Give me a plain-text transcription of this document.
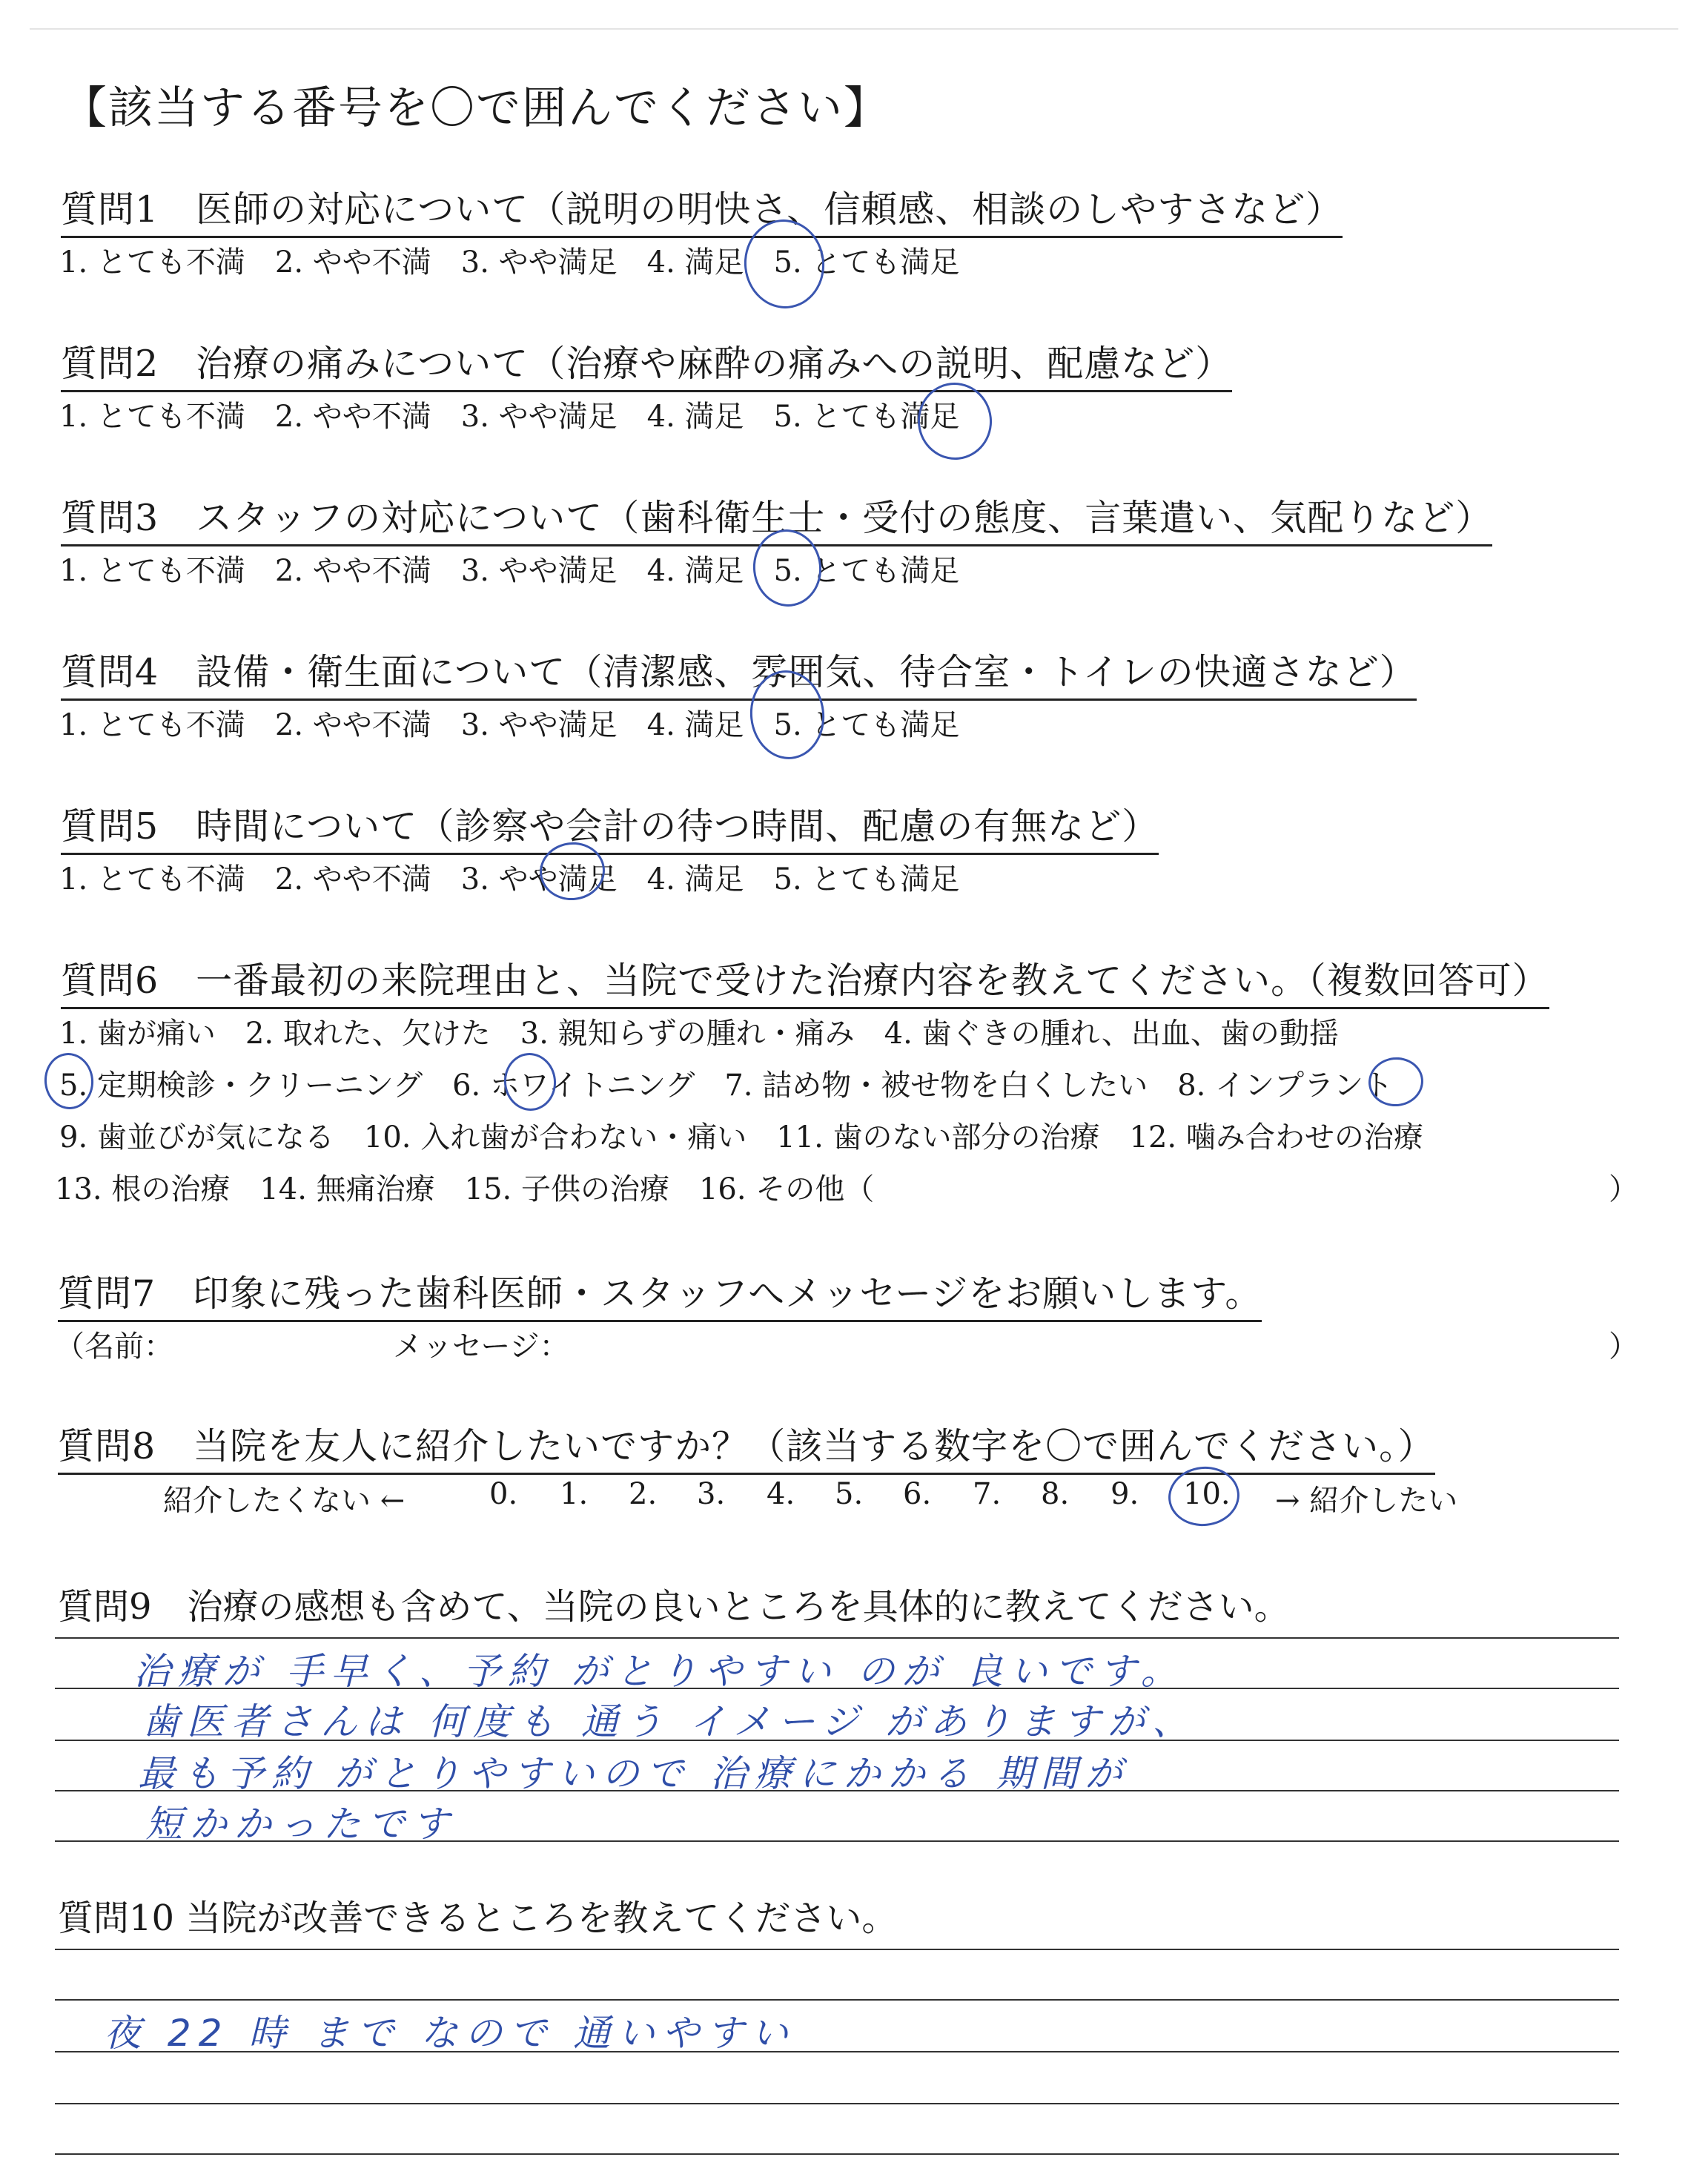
【該当する番号を〇で囲んでください】
質問1　医師の対応について（説明の明快さ、信頼感、相談のしやすさなど）
1. とても不満　2. やや不満　3. やや満足　4. 満足　5. とても満足
質問2　治療の痛みについて（治療や麻酔の痛みへの説明、配慮など）
1. とても不満　2. やや不満　3. やや満足　4. 満足　5. とても満足
質問3　スタッフの対応について（歯科衛生士・受付の態度、言葉遣い、気配りなど）
1. とても不満　2. やや不満　3. やや満足　4. 満足　5. とても満足
質問4　設備・衛生面について（清潔感、雰囲気、待合室・トイレの快適さなど）
1. とても不満　2. やや不満　3. やや満足　4. 満足　5. とても満足
質問5　時間について（診察や会計の待つ時間、配慮の有無など）
1. とても不満　2. やや不満　3. やや満足　4. 満足　5. とても満足
質問6　一番最初の来院理由と、当院で受けた治療内容を教えてください。（複数回答可）
1. 歯が痛い　2. 取れた、欠けた　3. 親知らずの腫れ・痛み　4. 歯ぐきの腫れ、出血、歯の動揺
5. 定期検診・クリーニング　6. ホワイトニング　7. 詰め物・被せ物を白くしたい　8. インプラント
9. 歯並びが気になる　10. 入れ歯が合わない・痛い　11. 歯のない部分の治療　12. 噛み合わせの治療
13. 根の治療　14. 無痛治療　15. 子供の治療　16. その他（	）
質問7　印象に残った歯科医師・スタッフへメッセージをお願いします。
（名前：	メッセージ：	）
質問8　当院を友人に紹介したいですか？（該当する数字を〇で囲んでください。）
紹介したくない ←	0. 1. 2. 3. 4. 5. 6. 7. 8. 9. 10. → 紹介したい
質問9　治療の感想も含めて、当院の良いところを具体的に教えてください。
治療が 手早く、予約 がとりやすい のが 良いです。
歯医者さんは 何度も 通う イメージ がありますが、
最も予約 がとりやすいので 治療にかかる 期間が
短かかったです
質問10 当院が改善できるところを教えてください。
夜 22 時 まで なので 通いやすい
